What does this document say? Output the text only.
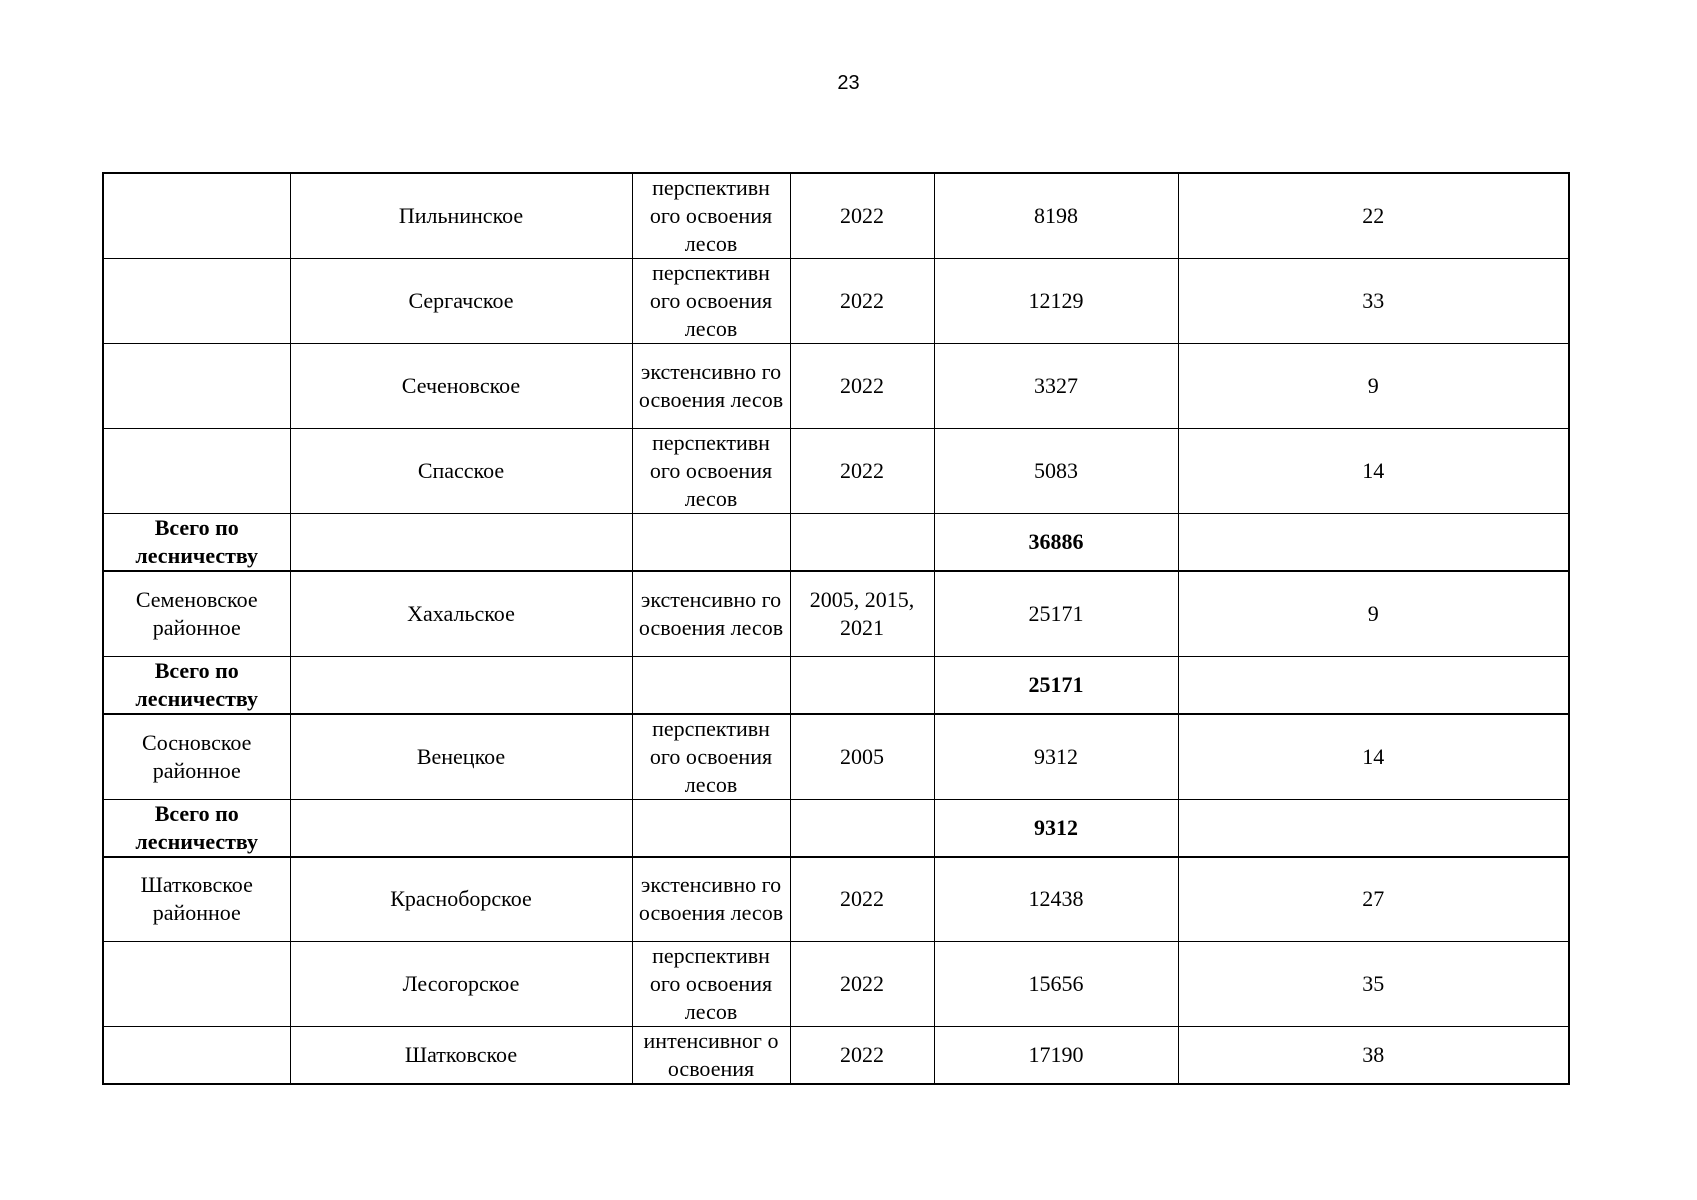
23
	Пильнинское	перспективн ого освоения лесов	2022	8198	22
	Сергачское	перспективн ого освоения лесов	2022	12129	33
	Сеченовское	экстенсивно го освоения лесов	2022	3327	9
	Спасское	перспективн ого освоения лесов	2022	5083	14
Всего по лесничеству				36886	
Семеновское районное	Хахальское	экстенсивно го освоения лесов	2005, 2015, 2021	25171	9
Всего по лесничеству				25171	
Сосновское районное	Венецкое	перспективн ого освоения лесов	2005	9312	14
Всего по лесничеству				9312	
Шатковское районное	Красноборское	экстенсивно го освоения лесов	2022	12438	27
	Лесогорское	перспективн ого освоения лесов	2022	15656	35
	Шатковское	интенсивног о освоения	2022	17190	38
